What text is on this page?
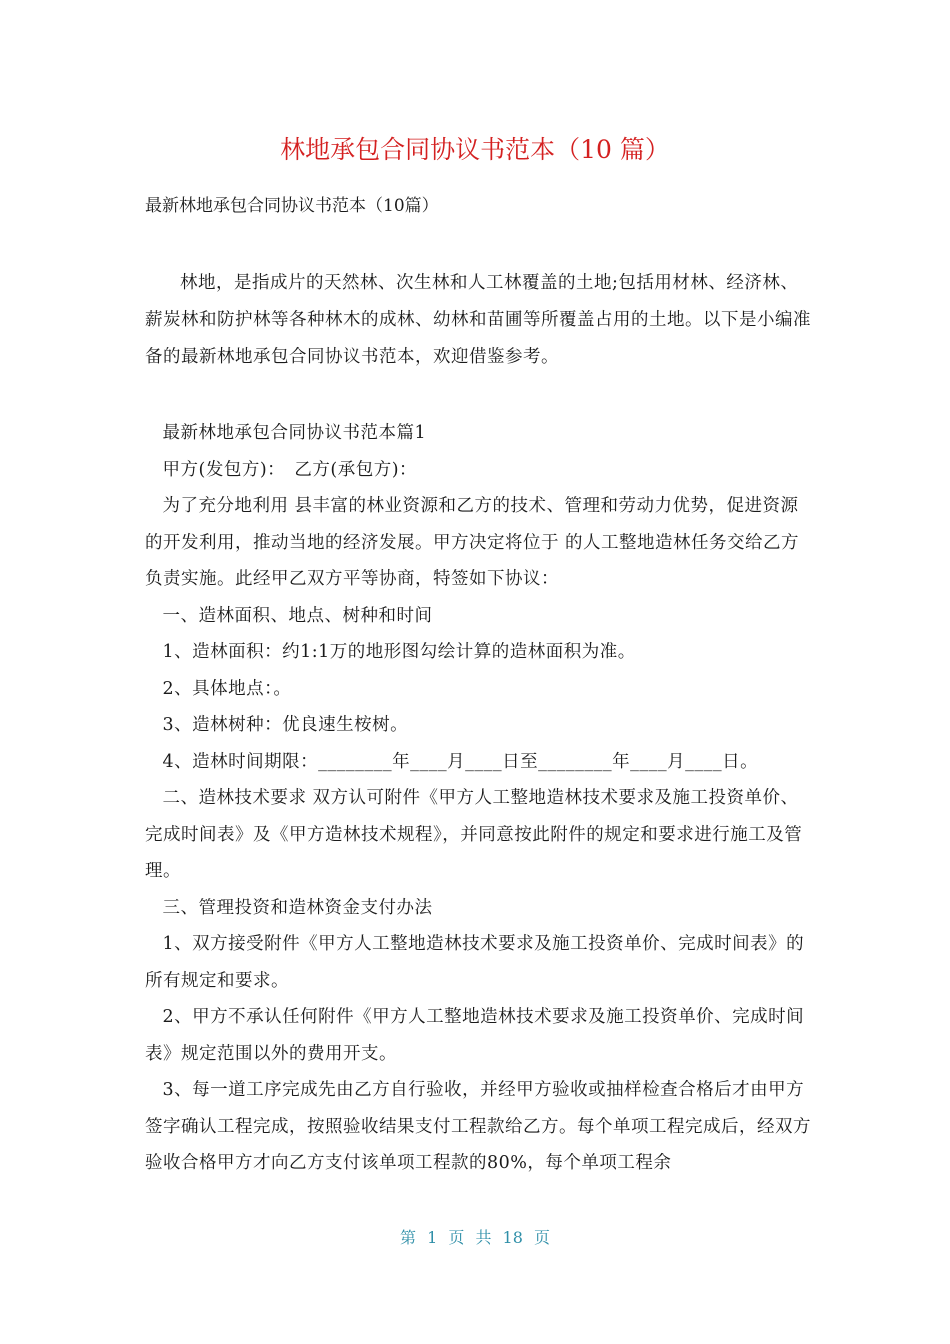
林地承包合同协议书范本（10 篇）

最新林地承包合同协议书范本（10篇）

林地，是指成片的天然林、次生林和人工林覆盖的土地;包括用材林、经济林、薪炭林和防护林等各种林木的成林、幼林和苗圃等所覆盖占用的土地。以下是小编准备的最新林地承包合同协议书范本，欢迎借鉴参考。

最新林地承包合同协议书范本篇1

甲方(发包方)：　乙方(承包方)：

为了充分地利用 县丰富的林业资源和乙方的技术、管理和劳动力优势，促进资源的开发利用，推动当地的经济发展。甲方决定将位于 的人工整地造林任务交给乙方负责实施。此经甲乙双方平等协商，特签如下协议：

一、造林面积、地点、树种和时间

1、造林面积：约1:1万的地形图勾绘计算的造林面积为准。

2、具体地点：。

3、造林树种：优良速生桉树。

4、造林时间期限：________年____月____日至________年____月____日。

二、造林技术要求 双方认可附件《甲方人工整地造林技术要求及施工投资单价、完成时间表》及《甲方造林技术规程》，并同意按此附件的规定和要求进行施工及管理。

三、管理投资和造林资金支付办法

1、双方接受附件《甲方人工整地造林技术要求及施工投资单价、完成时间表》的所有规定和要求。

2、甲方不承认任何附件《甲方人工整地造林技术要求及施工投资单价、完成时间表》规定范围以外的费用开支。

3、每一道工序完成先由乙方自行验收，并经甲方验收或抽样检查合格后才由甲方签字确认工程完成，按照验收结果支付工程款给乙方。每个单项工程完成后，经双方验收合格甲方才向乙方支付该单项工程款的80%，每个单项工程余

第 1 页 共 18 页
